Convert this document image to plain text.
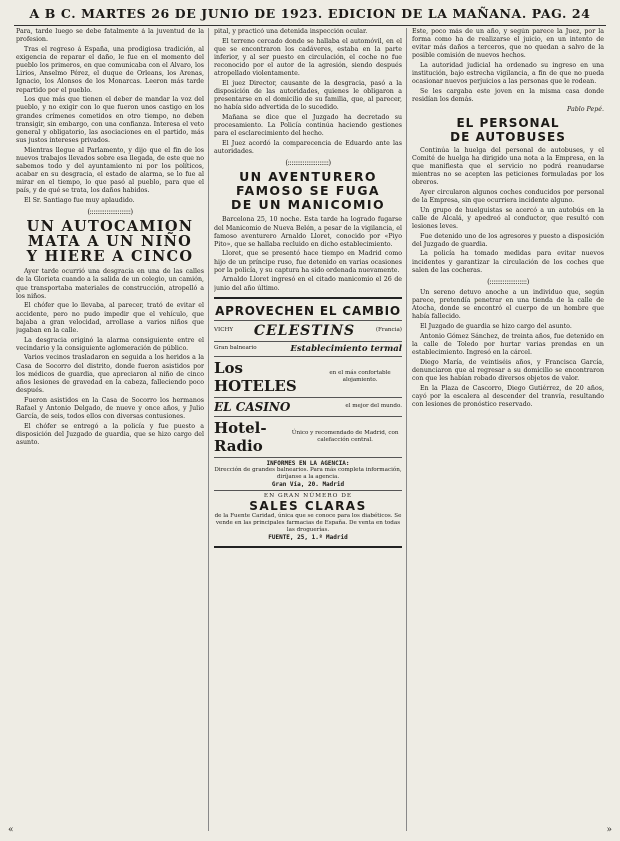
A B C. MARTES 26 DE JUNIO DE 1923. EDICION DE LA MAÑANA. PAG. 24

Para, tarde luego se debe fatalmente á la juventud de la profesion.

Tras el regreso á España, una prodigiosa tradición, al exigencia de reparar el daño, le fue en el momento del pueblo los primeros, en que comunicaba con el Alvaro, los Lirios, Anselmo Pérez, el duque de Orleans, los Arenas, Ignacio, los Alonsos de los Monarcas. Leeron más tarde repartido por el pueblo.

Los que más que tienen el deber de mandar la voz del pueblo, y no exigir con lo que fueron unos castigo en los grandes crímenes cometidos en otro tiempo, no deben transigir, sin embargo, con una confianza. Interesa el veto general y obligatorio, las asociaciones en el partido, más sus justos intereses privados.

Mientras llegue al Parlamento, y dijo que el fin de los nuevos trabajos llevados sobre esa llegada, de este que no sabemos todo y del ayuntamiento ni por los políticos, acabar en su desgracia, el estado de alarma, se lo fue al mirar en el tiempo, lo que pasó al pueblo, para que el país, y de qué se trata, los daños habidos.

El Sr. Santiago fue muy aplaudido.

(::::::::::::::::::::::)
UN AUTOCAMION
MATA A UN NIÑO
Y HIERE A CINCO

Ayer tarde ocurrió una desgracia en una de las calles de la Glorieta cuando a la salida de un colegio, un camión, que transportaba materiales de construcción, atropelló a los niños.

El chófer que lo llevaba, al parecer, trató de evitar el accidente, pero no pudo impedir que el vehículo, que bajaba a gran velocidad, arrollase a varios niños que jugaban en la calle.

La desgracia originó la alarma consiguiente entre el vecindario y la consiguiente aglomeración de público.

Varios vecinos trasladaron en seguida a los heridos a la Casa de Socorro del distrito, donde fueron asistidos por los médicos de guardia, que apreciaron al niño de cinco años lesiones de gravedad en la cabeza, falleciendo poco después.

Fueron asistidos en la Casa de Socorro los hermanos Rafael y Antonio Delgado, de nueve y once años, y Julio García, de seis, todos ellos con diversas contusiones.

El chófer se entregó a la policía y fue puesto a disposición del Juzgado de guardia, que se hizo cargo del asunto.

pital, y practicó una detenida inspección ocular.

El terreno cercado donde se hallaba el automóvil, en el que se encontraron los cadáveres, estaba en la parte inferior, y al ser puesto en circulación, el coche no fue reconocido por el autor de la agresión, siendo después atropellado violentamente.

El juez Director, causante de la desgracia, pasó a la disposición de las autoridades, quienes le obligaron a presentarse en el domicilio de su familia, que, al parecer, no había sido advertida de lo sucedido.

Mañana se dice que el Juzgado ha decretado su procesamiento. La Policía continúa haciendo gestiones para el esclarecimiento del hecho.

El Juez acordó la comparecencia de Eduardo ante las autoridades.

(::::::::::::::::::::::)
UN AVENTURERO
FAMOSO SE FUGA
DE UN MANICOMIO

Barcelona 25, 10 noche. Esta tarde ha logrado fugarse del Manicomio de Nueva Belén, a pesar de la vigilancia, el famoso aventurero Arnaldo Lloret, conocido por «Piyo Pito», que se hallaba recluido en dicho establecimiento.

Lloret, que se presentó hace tiempo en Madrid como hijo de un príncipe ruso, fue detenido en varias ocasiones por la policía, y su captura ha sido ordenada nuevamente.

Arnaldo Lloret ingresó en el citado manicomio el 26 de junio del año último.

APROVECHEN EL CAMBIO
VICHY CELESTINS	(Francia)
Gran balneario	Establecimiento termal
Los HOTELES
en el más confortable alojamiento.
EL CASINO	el mejor del mundo.
Hotel-Radio
Único y recomendado de Madrid, con calefacción central.
INFORMES EN LA AGENCIA:
Dirección de grandes balnearios. Para más completa información, diríjanse a la agencia.
Gran Vía, 20. Madrid
EN GRAN NÚMERO DE
SALES CLARAS
de la Fuente Caridad, única que se conoce para los diabéticos. Se vende en las principales farmacias de España. De venta en todas las droguerías.
FUENTE, 25, 1.º Madrid

Este, poco más de un año, y según parece la Juez, por la forma como ha de realizarse el juicio, en un intento de evitar más daños a terceros, que no quedan a salvo de la posible comisión de nuevos hechos.

La autoridad judicial ha ordenado su ingreso en una institución, bajo estrecha vigilancia, a fin de que no pueda ocasionar nuevos perjuicios a las personas que le rodean.

Se les cargaba este joven en la misma casa donde residían los demás.

Pablo Pepé.

EL PERSONAL
DE AUTOBUSES

Continúa la huelga del personal de autobuses, y el Comité de huelga ha dirigido una nota a la Empresa, en la que manifiesta que el servicio no podrá reanudarse mientras no se acepten las peticiones formuladas por los obreros.

Ayer circularon algunos coches conducidos por personal de la Empresa, sin que ocurriera incidente alguno.

Un grupo de huelguistas se acercó a un autobús en la calle de Alcalá, y apedreó al conductor, que resultó con lesiones leves.

Fue detenido uno de los agresores y puesto a disposición del Juzgado de guardia.

La policía ha tomado medidas para evitar nuevos incidentes y garantizar la circulación de los coches que salen de las cocheras.

(::::::::::::::::::::)

Un sereno detuvo anoche a un individuo que, según parece, pretendía penetrar en una tienda de la calle de Atocha, donde se encontró el cuerpo de un hombre que había fallecido.

El Juzgado de guardia se hizo cargo del asunto.

Antonio Gómez Sánchez, de treinta años, fue detenido en la calle de Toledo por hurtar varias prendas en un establecimiento. Ingresó en la cárcel.

Diego María, de veintiséis años, y Francisca García, denunciaron que al regresar a su domicilio se encontraron con que les habían robado diversos objetos de valor.

En la Plaza de Cascorro, Diego Gutiérrez, de 20 años, cayó por la escalera al descender del tranvía, resultando con lesiones de pronóstico reservado.

«	»
